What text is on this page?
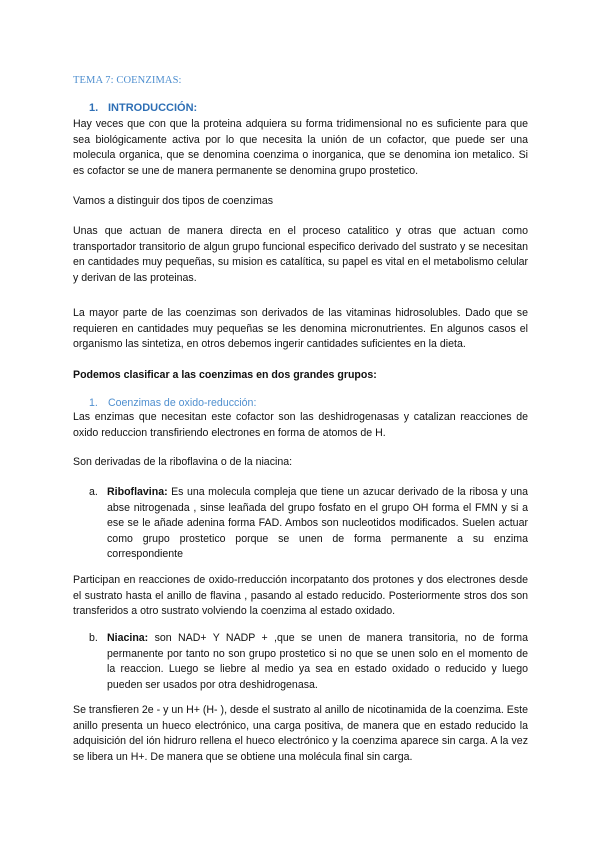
TEMA 7: COENZIMAS:
1. INTRODUCCIÓN:
Hay veces que con que la proteina adquiera su forma tridimensional no es suficiente para que sea biológicamente activa por lo que necesita la unión de un cofactor, que puede ser una molecula organica, que se denomina coenzima o inorganica, que se denomina ion metalico. Si es cofactor se une de manera permanente se denomina grupo prostetico.
Vamos a distinguir dos tipos de coenzimas
Unas que actuan de manera directa en el proceso catalitico y otras que actuan como transportador transitorio de algun grupo funcional especifico derivado del sustrato y se necesitan en cantidades muy pequeñas, su mision es catalítica, su papel es vital en el metabolismo celular y derivan de las proteinas.
La mayor parte de las coenzimas son derivados de las vitaminas hidrosolubles. Dado que se requieren en cantidades muy pequeñas se les denomina micronutrientes. En algunos casos el organismo las sintetiza, en otros debemos ingerir cantidades suficientes en la dieta.
Podemos clasificar a las coenzimas en dos grandes grupos:
1. Coenzimas de oxido-reducción:
Las enzimas que necesitan este cofactor son las deshidrogenasas y catalizan reacciones de oxido reduccion transfiriendo electrones en forma de atomos de H.
Son derivadas de la riboflavina o de la niacina:
a. Riboflavina: Es una molecula compleja que tiene un azucar derivado de la ribosa y una abse nitrogenada , sinse leañada del grupo fosfato en el grupo OH forma el FMN y si a ese se le añade adenina forma FAD. Ambos son nucleotidos modificados. Suelen actuar como grupo prostetico porque se unen de forma permanente a su enzima correspondiente
Participan en reacciones de oxido-rreducción incorpatanto dos protones y dos electrones desde el sustrato hasta el anillo de flavina , pasando al estado reducido. Posteriormente stros dos son transferidos a otro sustrato volviendo la coenzima al estado oxidado.
b. Niacina: son NAD+ Y NADP + ,que se unen de manera transitoria, no de forma permanente por tanto no son grupo prostetico si no que se unen solo en el momento de la reaccion. Luego se liebre al medio ya sea en estado oxidado o reducido y luego pueden ser usados por otra deshidrogenasa.
Se transfieren 2e - y un H+ (H- ), desde el sustrato al anillo de nicotinamida de la coenzima. Este anillo presenta un hueco electrónico, una carga positiva, de manera que en estado reducido la adquisición del ión hidruro rellena el hueco electrónico y la coenzima aparece sin carga. A la vez se libera un H+. De manera que se obtiene una molécula final sin carga.
